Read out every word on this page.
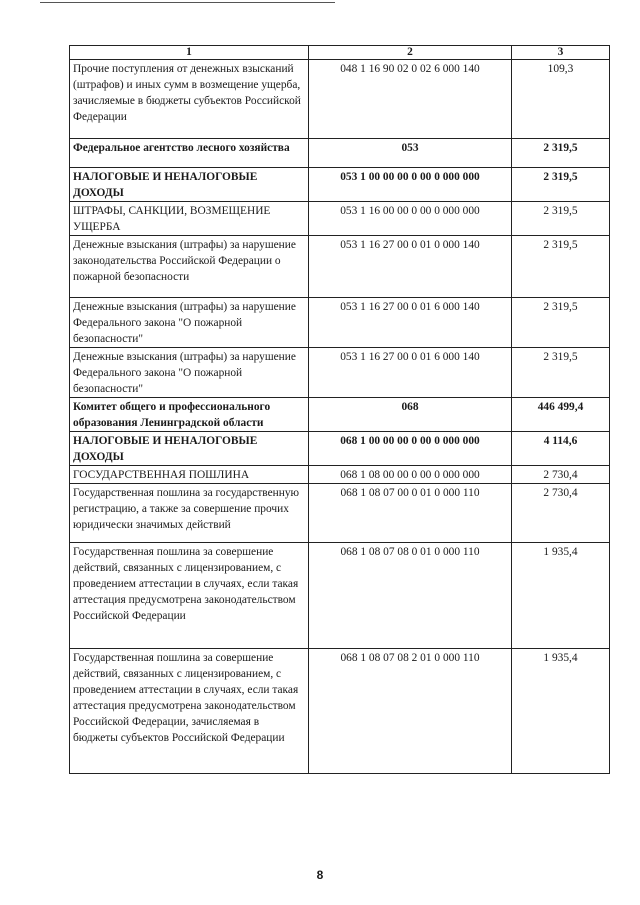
1	2	3
Прочие поступления от денежных взысканий (штрафов) и иных сумм в возмещение ущерба, зачисляемые в бюджеты субъектов Российской Федерации	048 1 16 90 02 0 02 6 000 140	109,3
Федеральное агентство лесного хозяйства	053	2 319,5
НАЛОГОВЫЕ И НЕНАЛОГОВЫЕ ДОХОДЫ	053 1 00 00 00 0 00 0 000 000	2 319,5
ШТРАФЫ, САНКЦИИ, ВОЗМЕЩЕНИЕ УЩЕРБА	053 1 16 00 00 0 00 0 000 000	2 319,5
Денежные взыскания (штрафы) за нарушение законодательства Российской Федерации о пожарной безопасности	053 1 16 27 00 0 01 0 000 140	2 319,5
Денежные взыскания (штрафы) за нарушение Федерального закона "О пожарной безопасности"	053 1 16 27 00 0 01 6 000 140	2 319,5
Денежные взыскания (штрафы) за нарушение Федерального закона "О пожарной безопасности"	053 1 16 27 00 0 01 6 000 140	2 319,5
Комитет общего и профессионального образования Ленинградской области	068	446 499,4
НАЛОГОВЫЕ И НЕНАЛОГОВЫЕ ДОХОДЫ	068 1 00 00 00 0 00 0 000 000	4 114,6
ГОСУДАРСТВЕННАЯ ПОШЛИНА	068 1 08 00 00 0 00 0 000 000	2 730,4
Государственная пошлина за государственную регистрацию, а также за совершение прочих юридически значимых действий	068 1 08 07 00 0 01 0 000 110	2 730,4
Государственная пошлина за совершение действий, связанных с лицензированием, с проведением аттестации в случаях, если такая аттестация предусмотрена законодательством Российской Федерации	068 1 08 07 08 0 01 0 000 110	1 935,4
Государственная пошлина за совершение действий, связанных с лицензированием, с проведением аттестации в случаях, если такая аттестация предусмотрена законодательством Российской Федерации, зачисляемая в бюджеты субъектов Российской Федерации	068 1 08 07 08 2 01 0 000 110	1 935,4
8
